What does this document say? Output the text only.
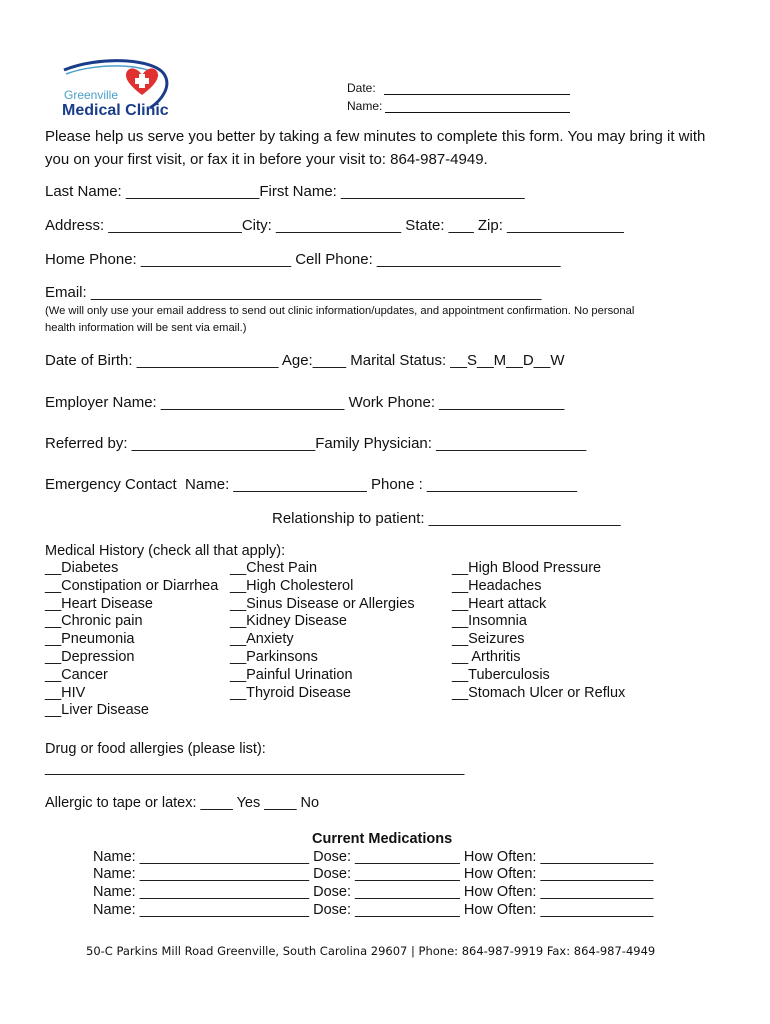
Greenville
Medical Clinic
Date:
Name:
Please help us serve you better by taking a few minutes to complete this form. You may bring it with
you on your first visit, or fax it in before your visit to: 864-987-4949.
Last Name: ________________First Name: ______________________
Address: ________________City: _______________ State: ___ Zip: ______________
Home Phone: __________________ Cell Phone: ______________________
Email: ______________________________________________________
(We will only use your email address to send out clinic information/updates, and appointment confirmation. No personal
health information will be sent via email.)
Date of Birth: _________________ Age:____ Marital Status: __S__M__D__W
Employer Name: ______________________ Work Phone: _______________
Referred by: ______________________Family Physician: __________________
Emergency Contact  Name: ________________ Phone : __________________
Relationship to patient: _______________________
Medical History (check all that apply):
__Diabetes
__Constipation or Diarrhea
__Heart Disease
__Chronic pain
__Pneumonia
__Depression
__Cancer
__HIV
__Liver Disease
__Chest Pain
__High Cholesterol
__Sinus Disease or Allergies
__Kidney Disease
__Anxiety
__Parkinsons
__Painful Urination
__Thyroid Disease
__High Blood Pressure
__Headaches
__Heart attack
__Insomnia
__Seizures
__ Arthritis
__Tuberculosis
__Stomach Ulcer or Reflux
Drug or food allergies (please list):
____________________________________________________
Allergic to tape or latex: ____ Yes ____ No
Current Medications
Name: _____________________ Dose: _____________ How Often: ______________
Name: _____________________ Dose: _____________ How Often: ______________
Name: _____________________ Dose: _____________ How Often: ______________
Name: _____________________ Dose: _____________ How Often: ______________
50-C Parkins Mill Road Greenville, South Carolina 29607 | Phone: 864-987-9919 Fax: 864-987-4949
